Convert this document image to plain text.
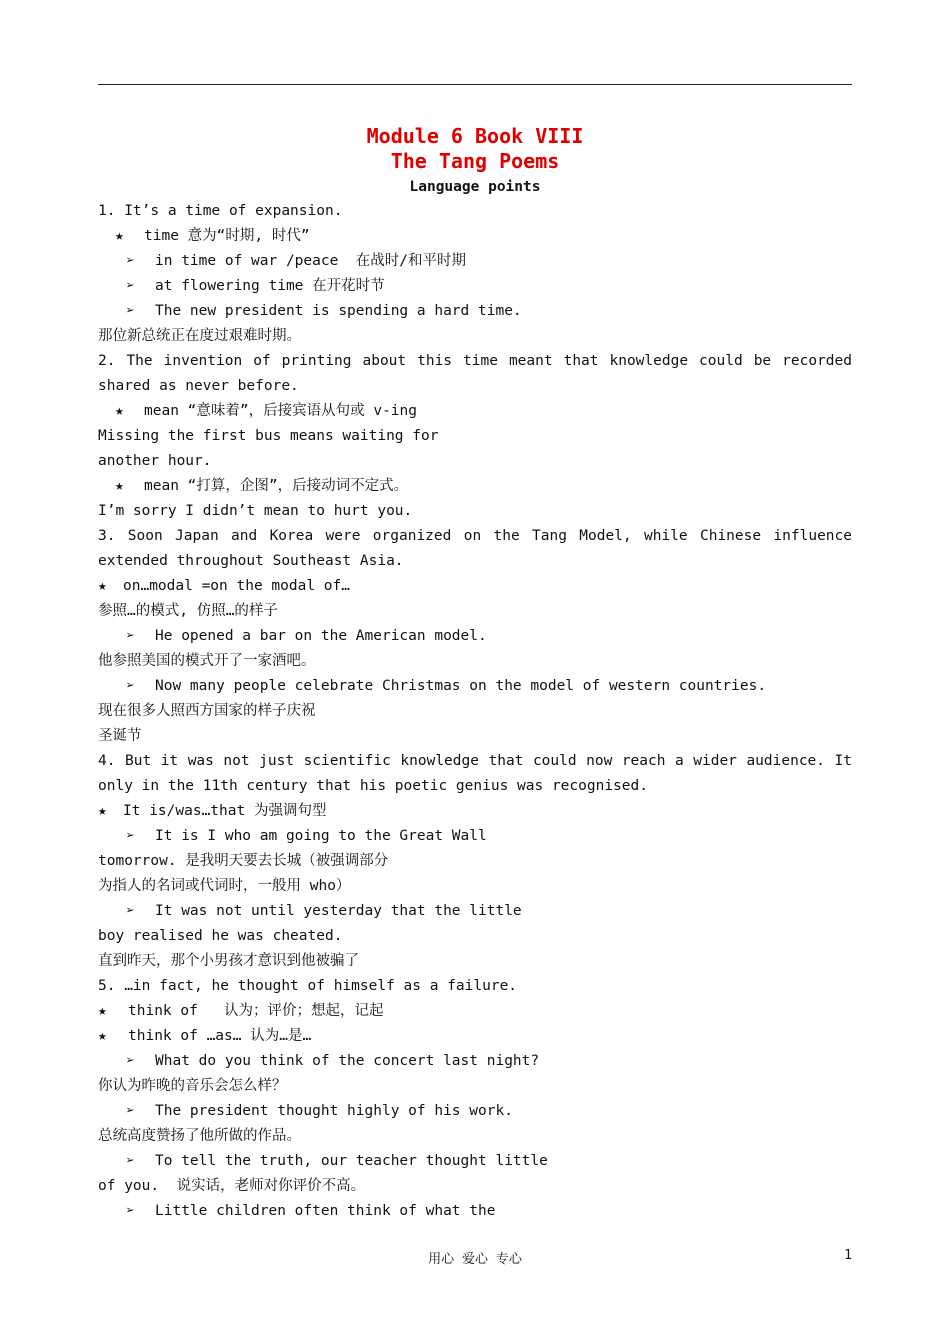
Module 6 Book VIII
The Tang Poems
Language points
1. It’s a time of expansion.
★ time 意为“时期, 时代”
➢ in time of war /peace  在战时/和平时期
➢ at flowering time 在开花时节
➢ The new president is spending a hard time.
那位新总统正在度过艰难时期。
2. The invention of printing about this time meant that knowledge could be recorded
shared as never before.
★ mean “意味着”，后接宾语从句或 v-ing
Missing the first bus means waiting for
another hour.
★ mean “打算，企图”，后接动词不定式。
I’m sorry I didn’t mean to hurt you.
3. Soon Japan and Korea were organized on the Tang Model, while Chinese influence
extended throughout Southeast Asia.
★ on…modal =on the modal of…
参照…的模式, 仿照…的样子
➢ He opened a bar on the American model.
他参照美国的模式开了一家酒吧。
➢ Now many people celebrate Christmas on the model of western countries.
现在很多人照西方国家的样子庆祝
圣诞节
4. But it was not just scientific knowledge that could now reach a wider audience. It
only in the 11th century that his poetic genius was recognised.
★ It is/was…that 为强调句型
➢ It is I who am going to the Great Wall
tomorrow. 是我明天要去长城（被强调部分
为指人的名词或代词时，一般用 who）
➢ It was not until yesterday that the little
boy realised he was cheated.
直到昨天，那个小男孩才意识到他被骗了
5. …in fact, he thought of himself as a failure.
★ think of   认为；评价；想起，记起
★ think of …as… 认为…是…
➢ What do you think of the concert last night?
你认为昨晚的音乐会怎么样？
➢ The president thought highly of his work.
总统高度赞扬了他所做的作品。
➢ To tell the truth, our teacher thought little
of you.  说实话，老师对你评价不高。
➢ Little children often think of what the
用心 爱心 专心	1
